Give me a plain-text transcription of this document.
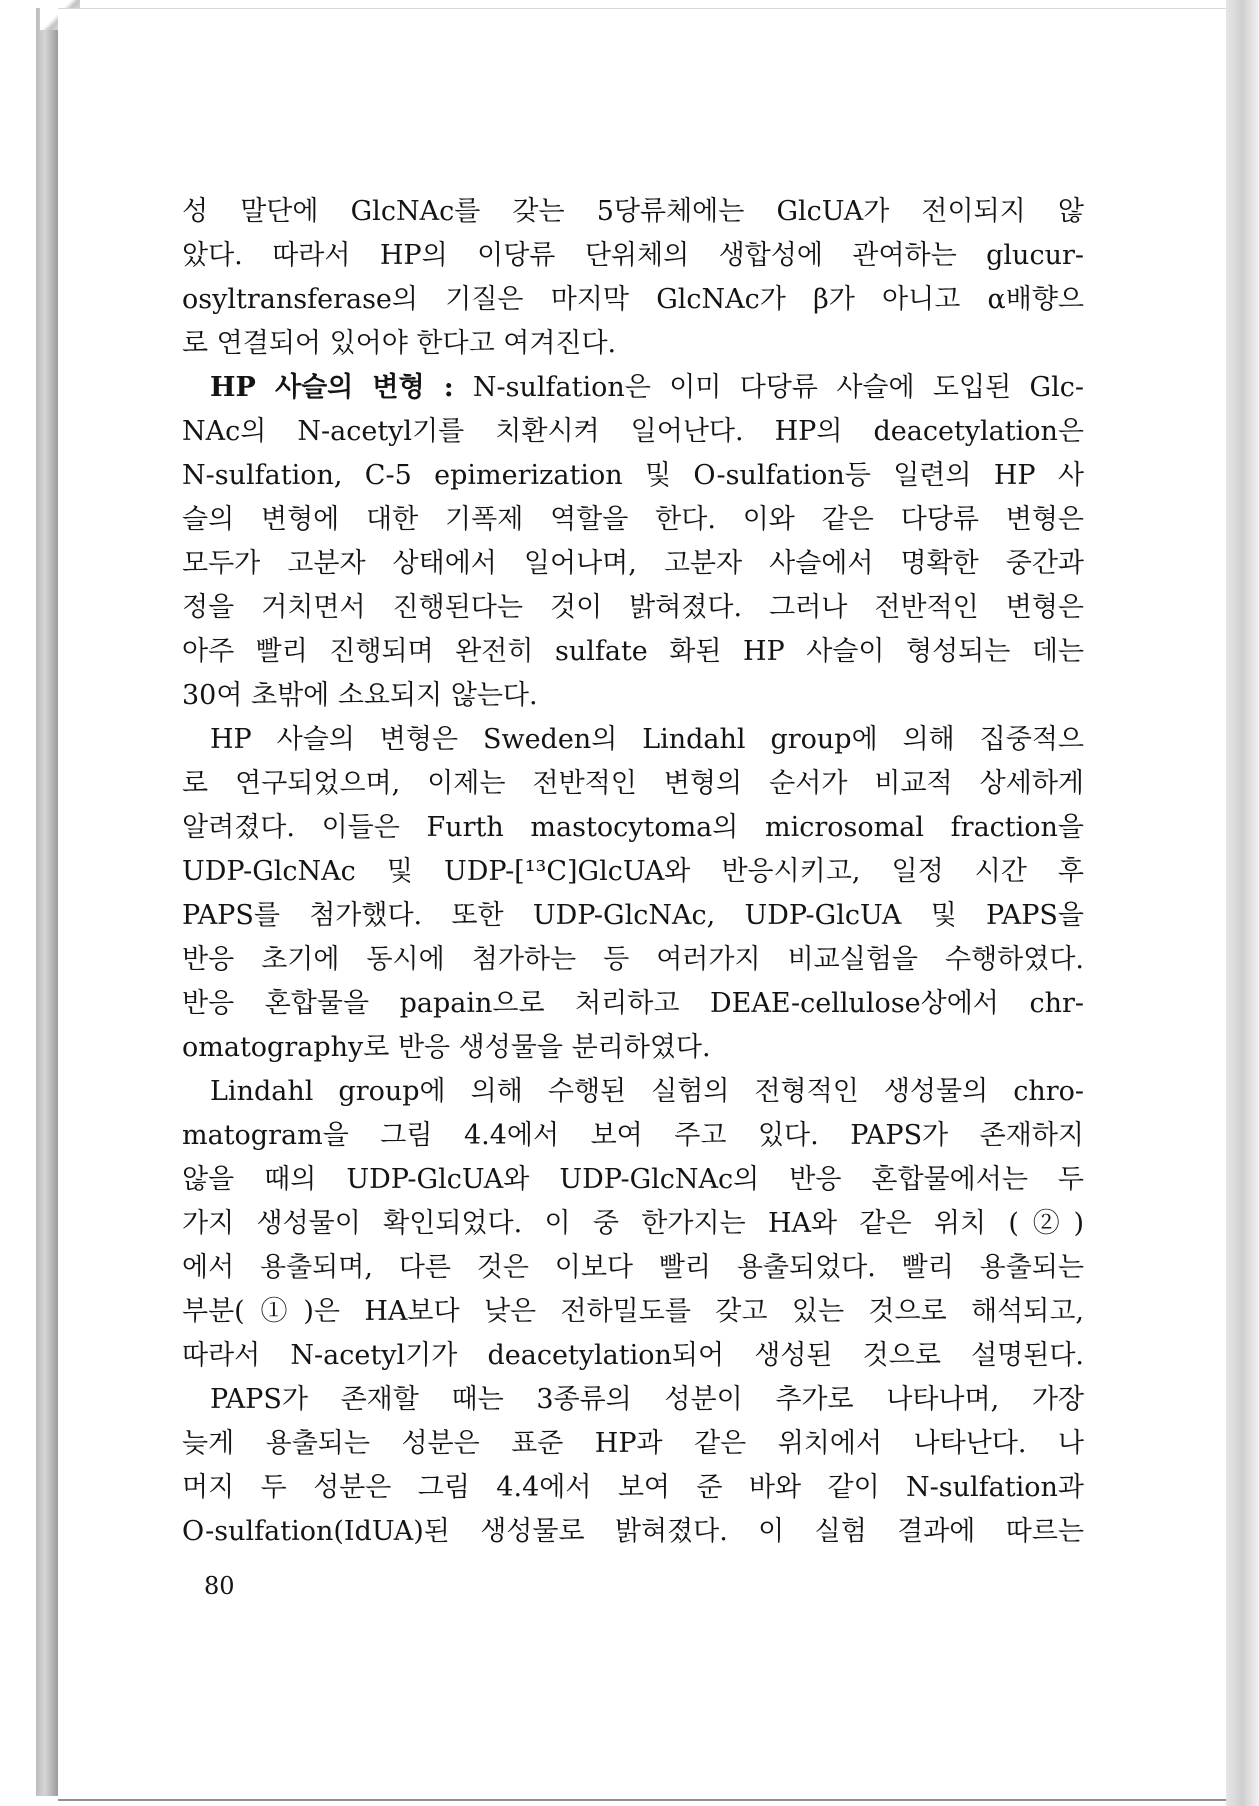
성 말단에 GlcNAc를 갖는 5당류체에는 GlcUA가 전이되지 않
았다. 따라서 HP의 이당류 단위체의 생합성에 관여하는 glucur-
osyltransferase의 기질은 마지막 GlcNAc가 β가 아니고 α배향으
로 연결되어 있어야 한다고 여겨진다.
HP 사슬의 변형 : N-sulfation은 이미 다당류 사슬에 도입된 Glc-
NAc의 N-acetyl기를 치환시켜 일어난다. HP의 deacetylation은
N-sulfation, C-5 epimerization 및 O-sulfation등 일련의 HP 사
슬의 변형에 대한 기폭제 역할을 한다. 이와 같은 다당류 변형은
모두가 고분자 상태에서 일어나며, 고분자 사슬에서 명확한 중간과
정을 거치면서 진행된다는 것이 밝혀졌다. 그러나 전반적인 변형은
아주 빨리 진행되며 완전히 sulfate 화된 HP 사슬이 형성되는 데는
30여 초밖에 소요되지 않는다.
HP 사슬의 변형은 Sweden의 Lindahl group에 의해 집중적으
로 연구되었으며, 이제는 전반적인 변형의 순서가 비교적 상세하게
알려졌다. 이들은 Furth mastocytoma의 microsomal fraction을
UDP-GlcNAc 및 UDP-[¹³C]GlcUA와 반응시키고, 일정 시간 후
PAPS를 첨가했다. 또한 UDP-GlcNAc, UDP-GlcUA 및 PAPS을
반응 초기에 동시에 첨가하는 등 여러가지 비교실험을 수행하였다.
반응 혼합물을 papain으로 처리하고 DEAE-cellulose상에서 chr-
omatography로 반응 생성물을 분리하였다.
Lindahl group에 의해 수행된 실험의 전형적인 생성물의 chro-
matogram을 그림 4.4에서 보여 주고 있다. PAPS가 존재하지
않을 때의 UDP-GlcUA와 UDP-GlcNAc의 반응 혼합물에서는 두
가지 생성물이 확인되었다. 이 중 한가지는 HA와 같은 위치 (②)
에서 용출되며, 다른 것은 이보다 빨리 용출되었다. 빨리 용출되는
부분(①)은 HA보다 낮은 전하밀도를 갖고 있는 것으로 해석되고,
따라서 N-acetyl기가 deacetylation되어 생성된 것으로 설명된다.
PAPS가 존재할 때는 3종류의 성분이 추가로 나타나며, 가장
늦게 용출되는 성분은 표준 HP과 같은 위치에서 나타난다. 나
머지 두 성분은 그림 4.4에서 보여 준 바와 같이 N-sulfation과
O-sulfation(IdUA)된 생성물로 밝혀졌다. 이 실험 결과에 따르는
80
